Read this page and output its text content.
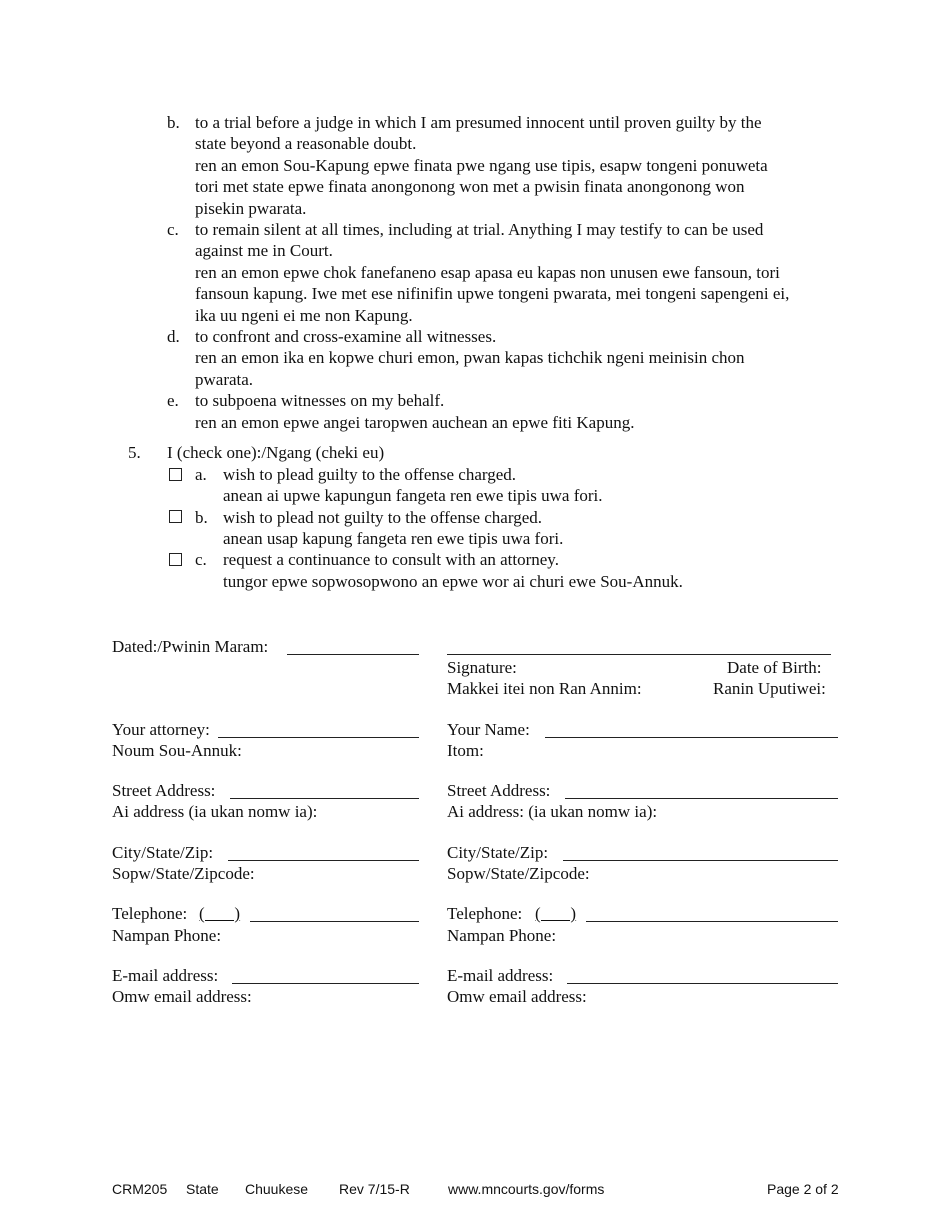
b. to a trial before a judge in which I am presumed innocent until proven guilty by the
state beyond a reasonable doubt.
ren an emon Sou-Kapung epwe finata pwe ngang use tipis, esapw tongeni ponuweta
tori met state epwe finata anongonong won met a pwisin finata anongonong won
pisekin pwarata.
c. to remain silent at all times, including at trial. Anything I may testify to can be used
against me in Court.
ren an emon epwe chok fanefaneno esap apasa eu kapas non unusen ewe fansoun, tori
fansoun kapung. Iwe met ese nifinifin upwe tongeni pwarata, mei tongeni sapengeni ei,
ika uu ngeni ei me non Kapung.
d. to confront and cross-examine all witnesses.
ren an emon ika en kopwe churi emon, pwan kapas tichchik ngeni meinisin chon
pwarata.
e. to subpoena witnesses on my behalf.
ren an emon epwe angei taropwen auchean an epwe fiti Kapung.
5. I (check one):/Ngang (cheki eu)
a. wish to plead guilty to the offense charged.
anean ai upwe kapungun fangeta ren ewe tipis uwa fori.
b. wish to plead not guilty to the offense charged.
anean usap kapung fangeta ren ewe tipis uwa fori.
c. request a continuance to consult with an attorney.
tungor epwe sopwosopwono an epwe wor ai churi ewe Sou-Annuk.
Dated:/Pwinin Maram:
Signature:
Makkei itei non Ran Annim:
Date of Birth:
Ranin Uputiwei:
Your attorney:
Noum Sou-Annuk:
Street Address:
Ai address (ia ukan nomw ia):
City/State/Zip:
Sopw/State/Zipcode:
Telephone: (       )
Nampan Phone:
E-mail address:
Omw email address:
Your Name:
Itom:
Street Address:
Ai address: (ia ukan nomw ia):
City/State/Zip:
Sopw/State/Zipcode:
Telephone: (       )
Nampan Phone:
E-mail address:
Omw email address:
CRM205 State Chuukese Rev 7/15-R	www.mncourts.gov/forms	Page 2 of 2
